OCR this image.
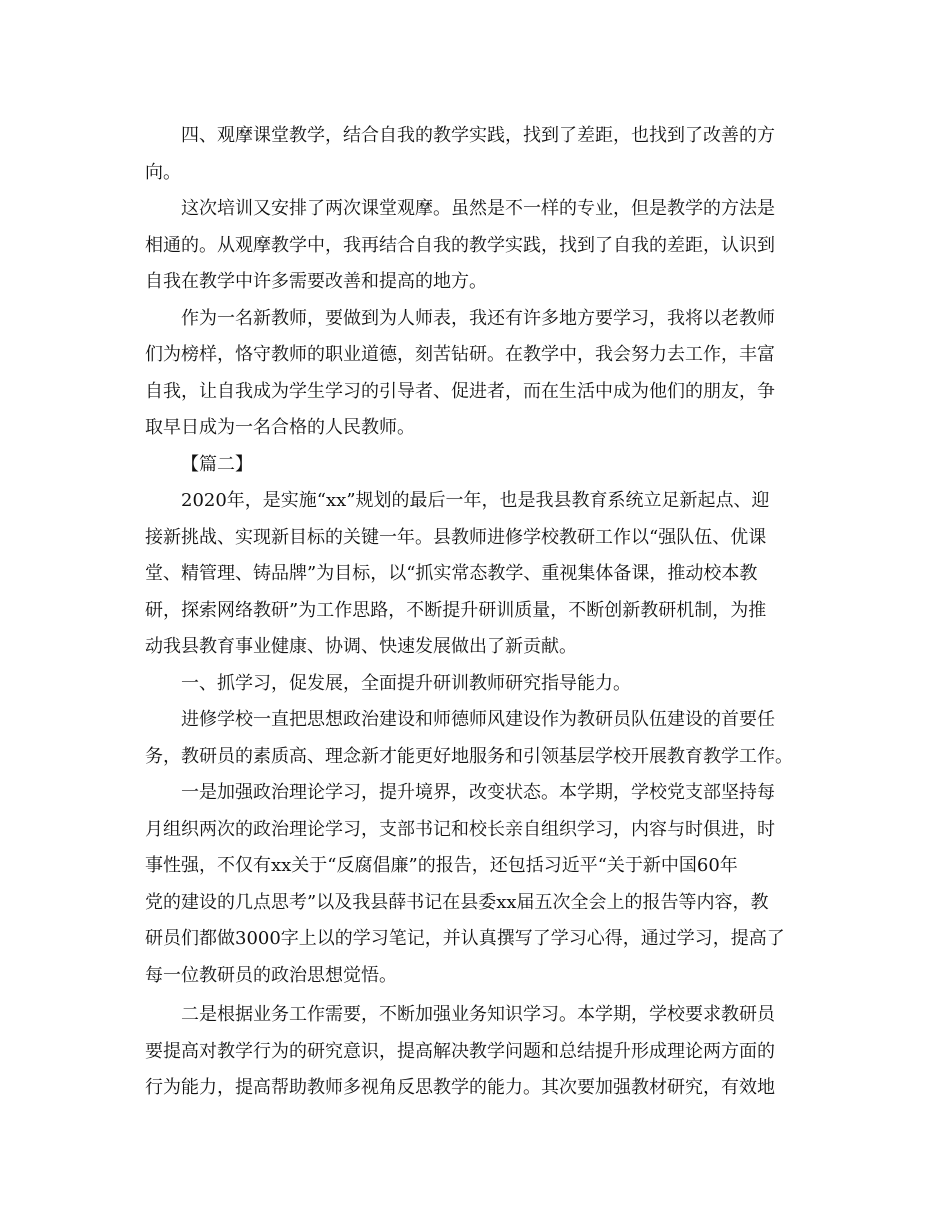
四、观摩课堂教学，结合自我的教学实践，找到了差距，也找到了改善的方
向。
这次培训又安排了两次课堂观摩。虽然是不一样的专业，但是教学的方法是
相通的。从观摩教学中，我再结合自我的教学实践，找到了自我的差距，认识到
自我在教学中许多需要改善和提高的地方。
作为一名新教师，要做到为人师表，我还有许多地方要学习，我将以老教师
们为榜样，恪守教师的职业道德，刻苦钻研。在教学中，我会努力去工作，丰富
自我，让自我成为学生学习的引导者、促进者，而在生活中成为他们的朋友，争
取早日成为一名合格的人民教师。
【篇二】
2020年，是实施“xx”规划的最后一年，也是我县教育系统立足新起点、迎
接新挑战、实现新目标的关键一年。县教师进修学校教研工作以“强队伍、优课
堂、精管理、铸品牌”为目标，以“抓实常态教学、重视集体备课，推动校本教
研，探索网络教研”为工作思路，不断提升研训质量，不断创新教研机制，为推
动我县教育事业健康、协调、快速发展做出了新贡献。
一、抓学习，促发展，全面提升研训教师研究指导能力。
进修学校一直把思想政治建设和师德师风建设作为教研员队伍建设的首要任
务，教研员的素质高、理念新才能更好地服务和引领基层学校开展教育教学工作。
一是加强政治理论学习，提升境界，改变状态。本学期，学校党支部坚持每
月组织两次的政治理论学习，支部书记和校长亲自组织学习，内容与时俱进，时
事性强，不仅有xx关于“反腐倡廉”的报告，还包括习近平“关于新中国60年
党的建设的几点思考”以及我县薛书记在县委xx届五次全会上的报告等内容，教
研员们都做3000字上以的学习笔记，并认真撰写了学习心得，通过学习，提高了
每一位教研员的政治思想觉悟。
二是根据业务工作需要，不断加强业务知识学习。本学期，学校要求教研员
要提高对教学行为的研究意识，提高解决教学问题和总结提升形成理论两方面的
行为能力，提高帮助教师多视角反思教学的能力。其次要加强教材研究，有效地
